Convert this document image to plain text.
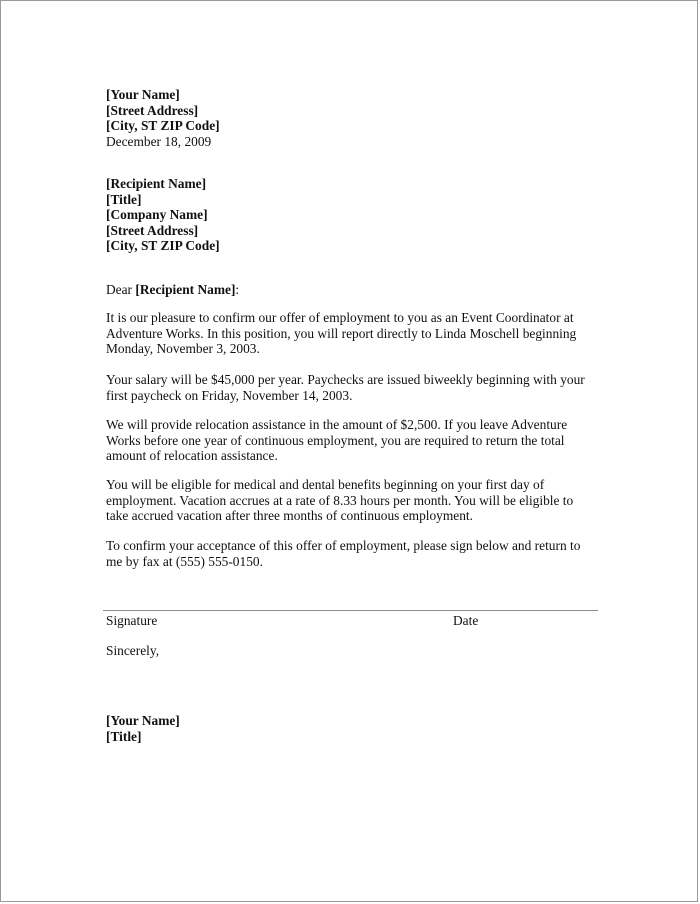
[Your Name]
[Street Address]
[City, ST ZIP Code]
December 18, 2009
[Recipient Name]
[Title]
[Company Name]
[Street Address]
[City, ST ZIP Code]
Dear [Recipient Name]:

It is our pleasure to confirm our offer of employment to you as an Event Coordinator at Adventure Works. In this position, you will report directly to Linda Moschell beginning Monday, November 3, 2003.

Your salary will be $45,000 per year. Paychecks are issued biweekly beginning with your first paycheck on Friday, November 14, 2003.

We will provide relocation assistance in the amount of $2,500. If you leave Adventure Works before one year of continuous employment, you are required to return the total amount of relocation assistance.

You will be eligible for medical and dental benefits beginning on your first day of employment. Vacation accrues at a rate of 8.33 hours per month. You will be eligible to take accrued vacation after three months of continuous employment.

To confirm your acceptance of this offer of employment, please sign below and return to me by fax at (555) 555-0150.

Signature	Date
Sincerely,
[Your Name]
[Title]
